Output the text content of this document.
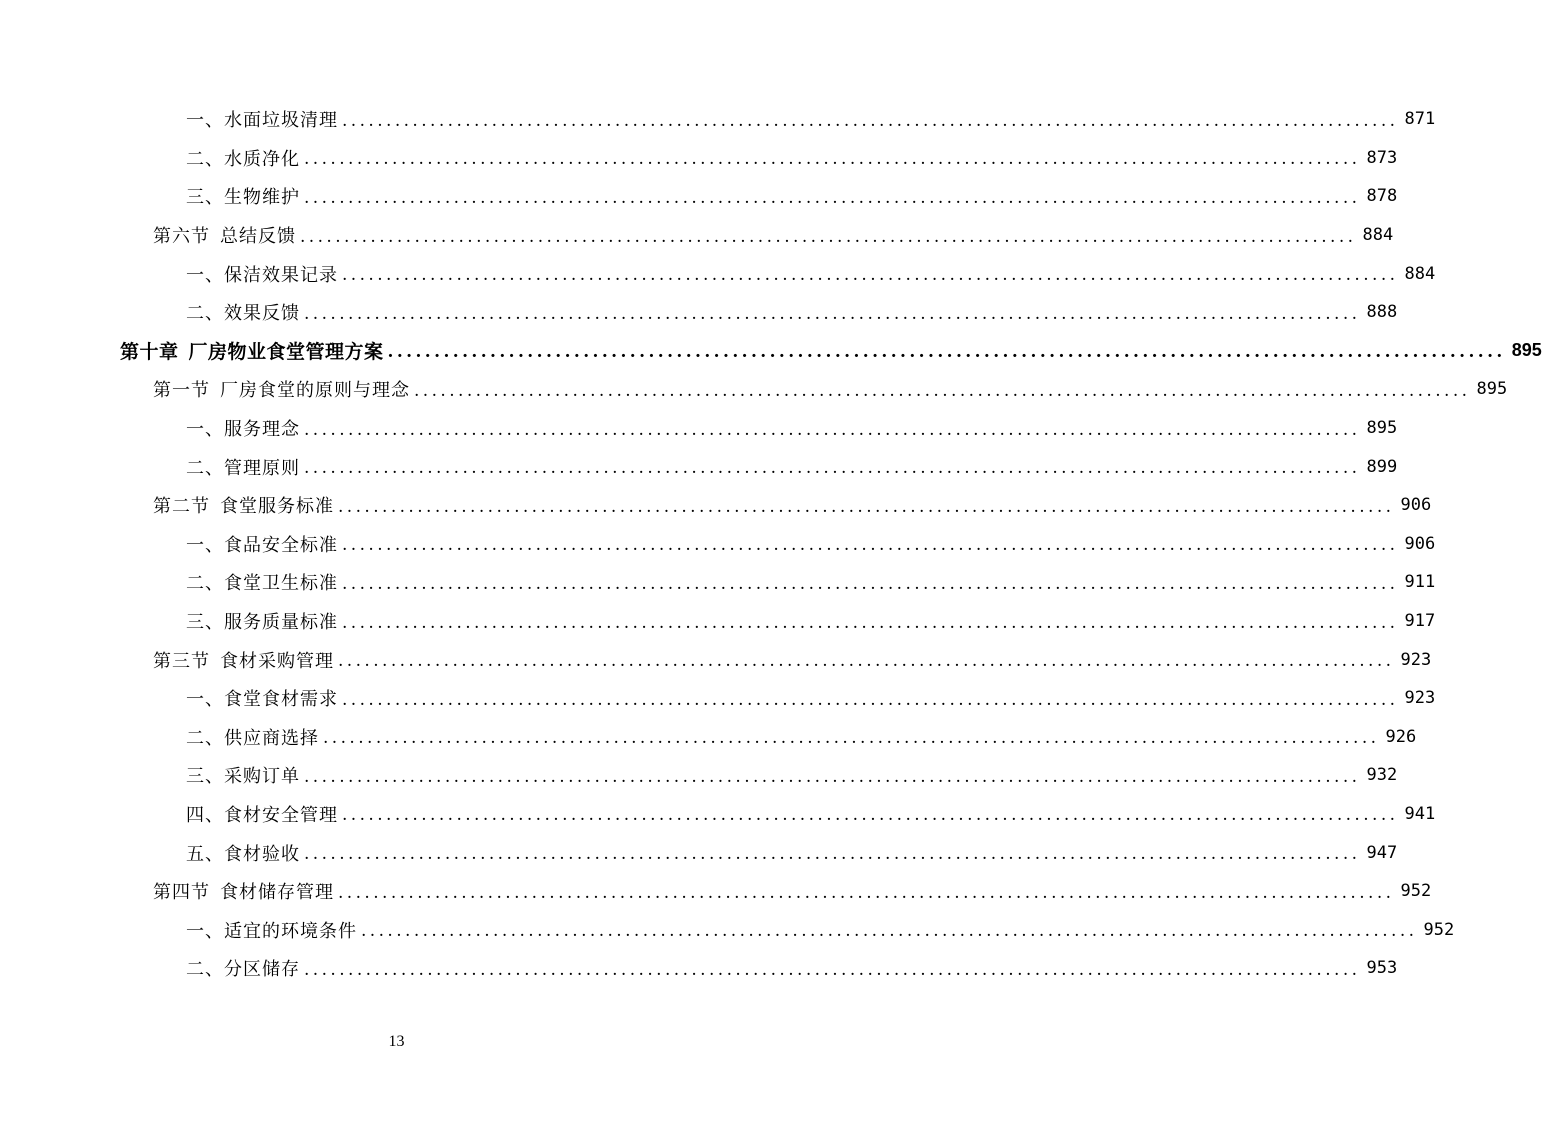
一、水面垃圾清理 ........................................................................................................................ 871
二、水质净化 ........................................................................................................................ 873
三、生物维护 ........................................................................................................................ 878
第六节 总结反馈 ........................................................................................................................ 884
一、保洁效果记录 ........................................................................................................................ 884
二、效果反馈 ........................................................................................................................ 888
第十章 厂房物业食堂管理方案 ........................................................................................................................ 895
第一节 厂房食堂的原则与理念 ........................................................................................................................ 895
一、服务理念 ........................................................................................................................ 895
二、管理原则 ........................................................................................................................ 899
第二节 食堂服务标准 ........................................................................................................................ 906
一、食品安全标准 ........................................................................................................................ 906
二、食堂卫生标准 ........................................................................................................................ 911
三、服务质量标准 ........................................................................................................................ 917
第三节 食材采购管理 ........................................................................................................................ 923
一、食堂食材需求 ........................................................................................................................ 923
二、供应商选择 ........................................................................................................................ 926
三、采购订单 ........................................................................................................................ 932
四、食材安全管理 ........................................................................................................................ 941
五、食材验收 ........................................................................................................................ 947
第四节 食材储存管理 ........................................................................................................................ 952
一、适宜的环境条件 ........................................................................................................................ 952
二、分区储存 ........................................................................................................................ 953
13
